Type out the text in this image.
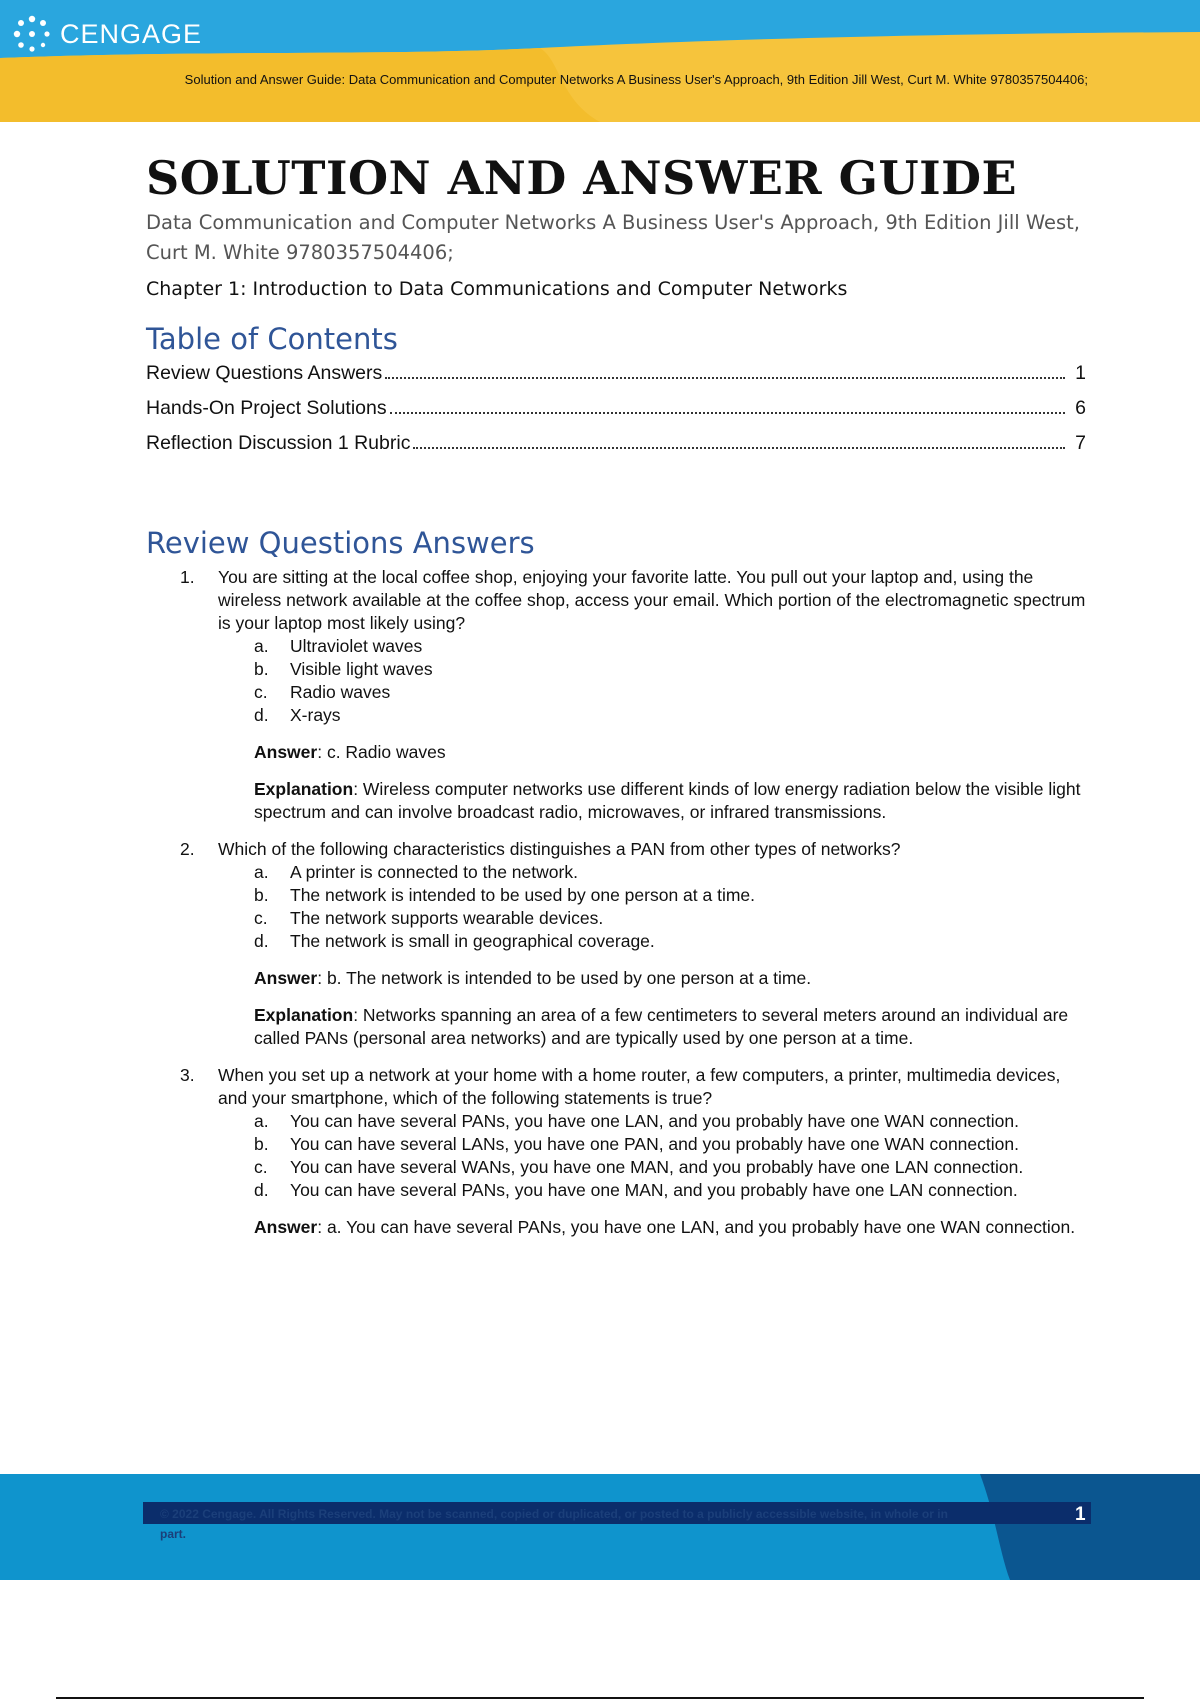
CENGAGE
Solution and Answer Guide: Data Communication and Computer Networks A Business User's Approach, 9th Edition Jill West, Curt M. White 9780357504406;
SOLUTION AND ANSWER GUIDE
Data Communication and Computer Networks A Business User's Approach, 9th Edition Jill West, Curt M. White 9780357504406;
Chapter 1: Introduction to Data Communications and Computer Networks
Table of Contents
Review Questions Answers	1
Hands-On Project Solutions	6
Reflection Discussion 1 Rubric	7
Review Questions Answers
1. You are sitting at the local coffee shop, enjoying your favorite latte. You pull out your laptop and, using the wireless network available at the coffee shop, access your email. Which portion of the electromagnetic spectrum is your laptop most likely using?
a. Ultraviolet waves
b. Visible light waves
c. Radio waves
d. X-rays
Answer: c. Radio waves
Explanation: Wireless computer networks use different kinds of low energy radiation below the visible light spectrum and can involve broadcast radio, microwaves, or infrared transmissions.
2. Which of the following characteristics distinguishes a PAN from other types of networks?
a. A printer is connected to the network.
b. The network is intended to be used by one person at a time.
c. The network supports wearable devices.
d. The network is small in geographical coverage.
Answer: b. The network is intended to be used by one person at a time.
Explanation: Networks spanning an area of a few centimeters to several meters around an individual are called PANs (personal area networks) and are typically used by one person at a time.
3. When you set up a network at your home with a home router, a few computers, a printer, multimedia devices, and your smartphone, which of the following statements is true?
a. You can have several PANs, you have one LAN, and you probably have one WAN connection.
b. You can have several LANs, you have one PAN, and you probably have one WAN connection.
c. You can have several WANs, you have one MAN, and you probably have one LAN connection.
d. You can have several PANs, you have one MAN, and you probably have one LAN connection.
Answer: a. You can have several PANs, you have one LAN, and you probably have one WAN connection.
© 2022 Cengage. All Rights Reserved. May not be scanned, copied or duplicated, or posted to a publicly accessible website, in whole or in part.
1
